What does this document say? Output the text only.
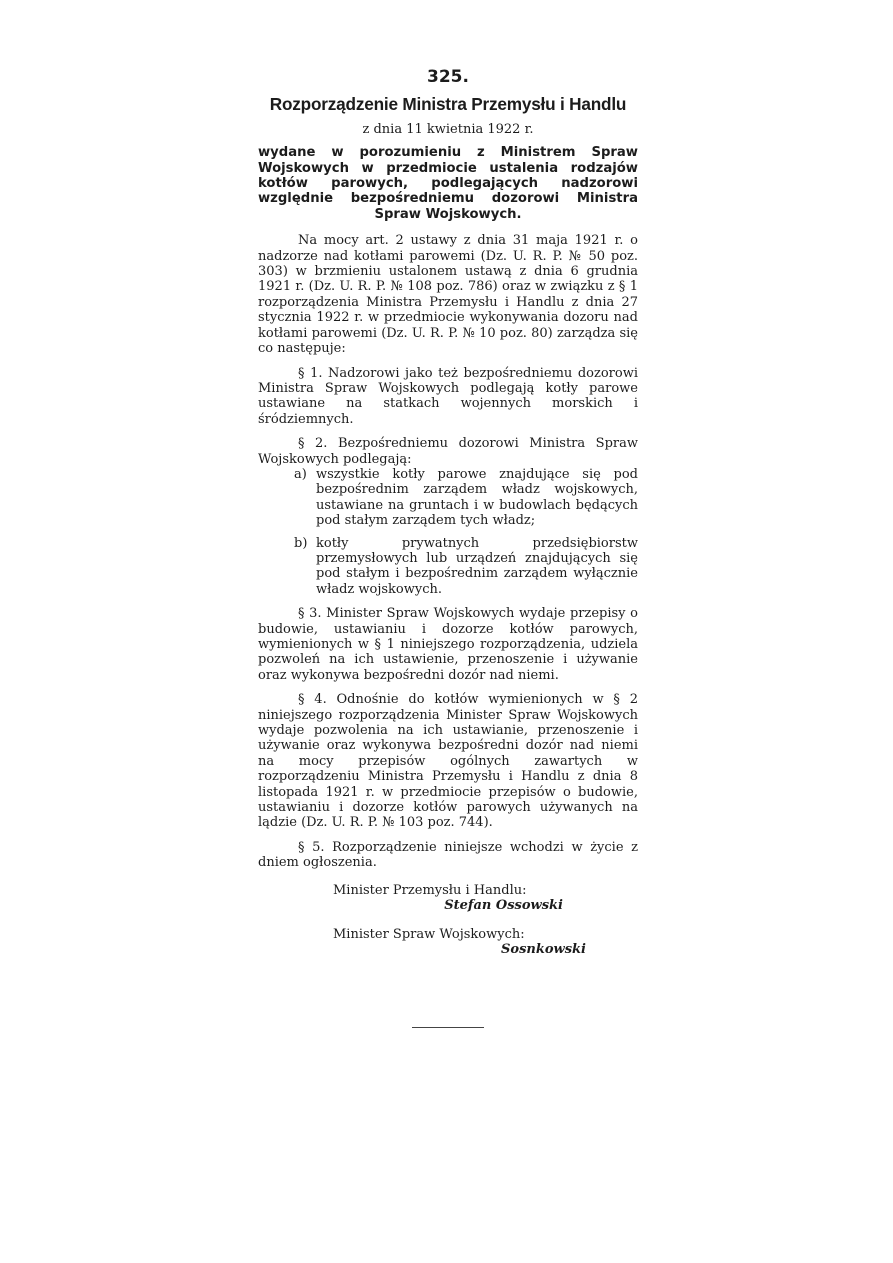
325.
Rozporządzenie Ministra Przemysłu i Handlu
z dnia 11 kwietnia 1922 r.
wydane w porozumieniu z Ministrem Spraw Wojskowych w przedmiocie ustalenia rodzajów kotłów parowych, podlegających nadzorowi względnie bezpośredniemu dozorowi Ministra Spraw Wojskowych.

Na mocy art. 2 ustawy z dnia 31 maja 1921 r. o nadzorze nad kotłami parowemi (Dz. U. R. P. № 50 poz. 303) w brzmieniu ustalonem ustawą z dnia 6 grudnia 1921 r. (Dz. U. R. P. № 108 poz. 786) oraz w związku z § 1 rozporządzenia Ministra Przemysłu i Handlu z dnia 27 stycznia 1922 r. w przedmiocie wykonywania dozoru nad kotłami parowemi (Dz. U. R. P. № 10 poz. 80) zarządza się co następuje:

§ 1. Nadzorowi jako też bezpośredniemu dozorowi Ministra Spraw Wojskowych podlegają kotły parowe ustawiane na statkach wojennych morskich i śródziemnych.

§ 2. Bezpośredniemu dozorowi Ministra Spraw Wojskowych podlegają:

a) wszystkie kotły parowe znajdujące się pod bezpośrednim zarządem władz wojskowych, ustawiane na gruntach i w budowlach będących pod stałym zarządem tych władz;
b) kotły prywatnych przedsiębiorstw przemysłowych lub urządzeń znajdujących się pod stałym i bezpośrednim zarządem wyłącznie władz wojskowych.

§ 3. Minister Spraw Wojskowych wydaje przepisy o budowie, ustawianiu i dozorze kotłów parowych, wymienionych w § 1 niniejszego rozporządzenia, udziela pozwoleń na ich ustawienie, przenoszenie i używanie oraz wykonywa bezpośredni dozór nad niemi.

§ 4. Odnośnie do kotłów wymienionych w § 2 niniejszego rozporządzenia Minister Spraw Wojskowych wydaje pozwolenia na ich ustawianie, przenoszenie i używanie oraz wykonywa bezpośredni dozór nad niemi na mocy przepisów ogólnych zawartych w rozporządzeniu Ministra Przemysłu i Handlu z dnia 8 listopada 1921 r. w przedmiocie przepisów o budowie, ustawianiu i dozorze kotłów parowych używanych na lądzie (Dz. U. R. P. № 103 poz. 744).

§ 5. Rozporządzenie niniejsze wchodzi w życie z dniem ogłoszenia.

Minister Przemysłu i Handlu:
Stefan Ossowski
Minister Spraw Wojskowych:
Sosnkowski
